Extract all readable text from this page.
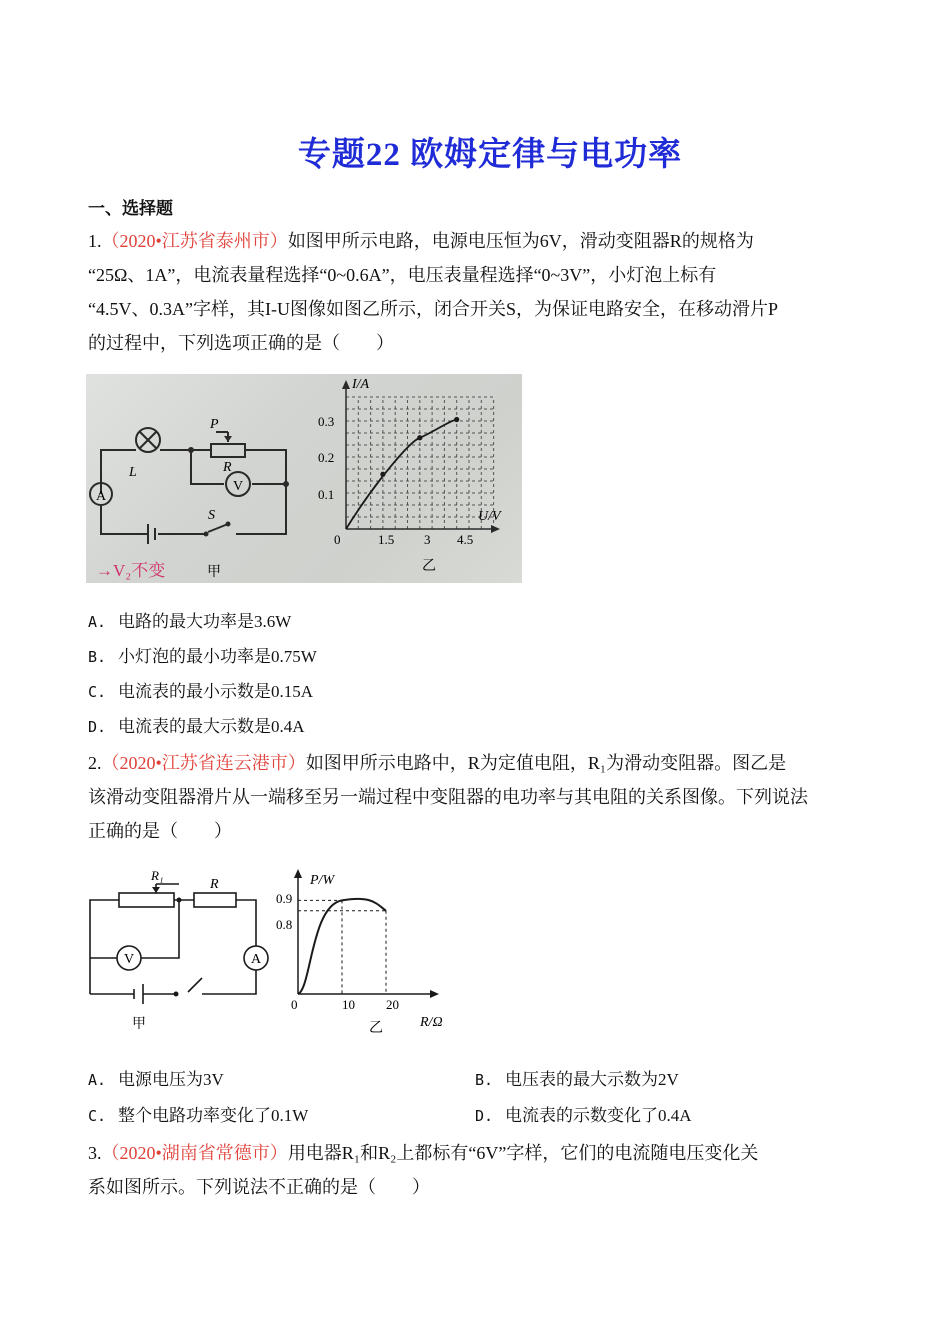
专题22 欧姆定律与电功率
一、选择题
1.（2020•江苏省泰州市）如图甲所示电路，电源电压恒为6V，滑动变阻器R的规格为
“25Ω、1A”，电流表量程选择“0~0.6A”，电压表量程选择“0~3V”，小灯泡上标有
“4.5V、0.3A”字样，其I-U图像如图乙所示，闭合开关S，为保证电路安全，在移动滑片P
的过程中，下列选项正确的是（　　）
A
V
L
P
R
S
→V₂不变	甲
I/A
U/V
0.3
0.2
0.1
0	1.5 3 4.5
乙
A. 电路的最大功率是3.6W
B. 小灯泡的最小功率是0.75W
C. 电流表的最小示数是0.15A
D. 电流表的最大示数是0.4A
2.（2020•江苏省连云港市）如图甲所示电路中，R为定值电阻，R₁为滑动变阻器。图乙是
该滑动变阻器滑片从一端移至另一端过程中变阻器的电功率与其电阻的关系图像。下列说法
正确的是（　　）
R₁
R
V	A
甲
P/W
R/Ω
0.9
0.8
0	10 20
乙
A. 电源电压为3V	B. 电压表的最大示数为2V
C. 整个电路功率变化了0.1W	D. 电流表的示数变化了0.4A
3.（2020•湖南省常德市）用电器R₁和R₂上都标有“6V”字样，它们的电流随电压变化关
系如图所示。下列说法不正确的是（　　）
